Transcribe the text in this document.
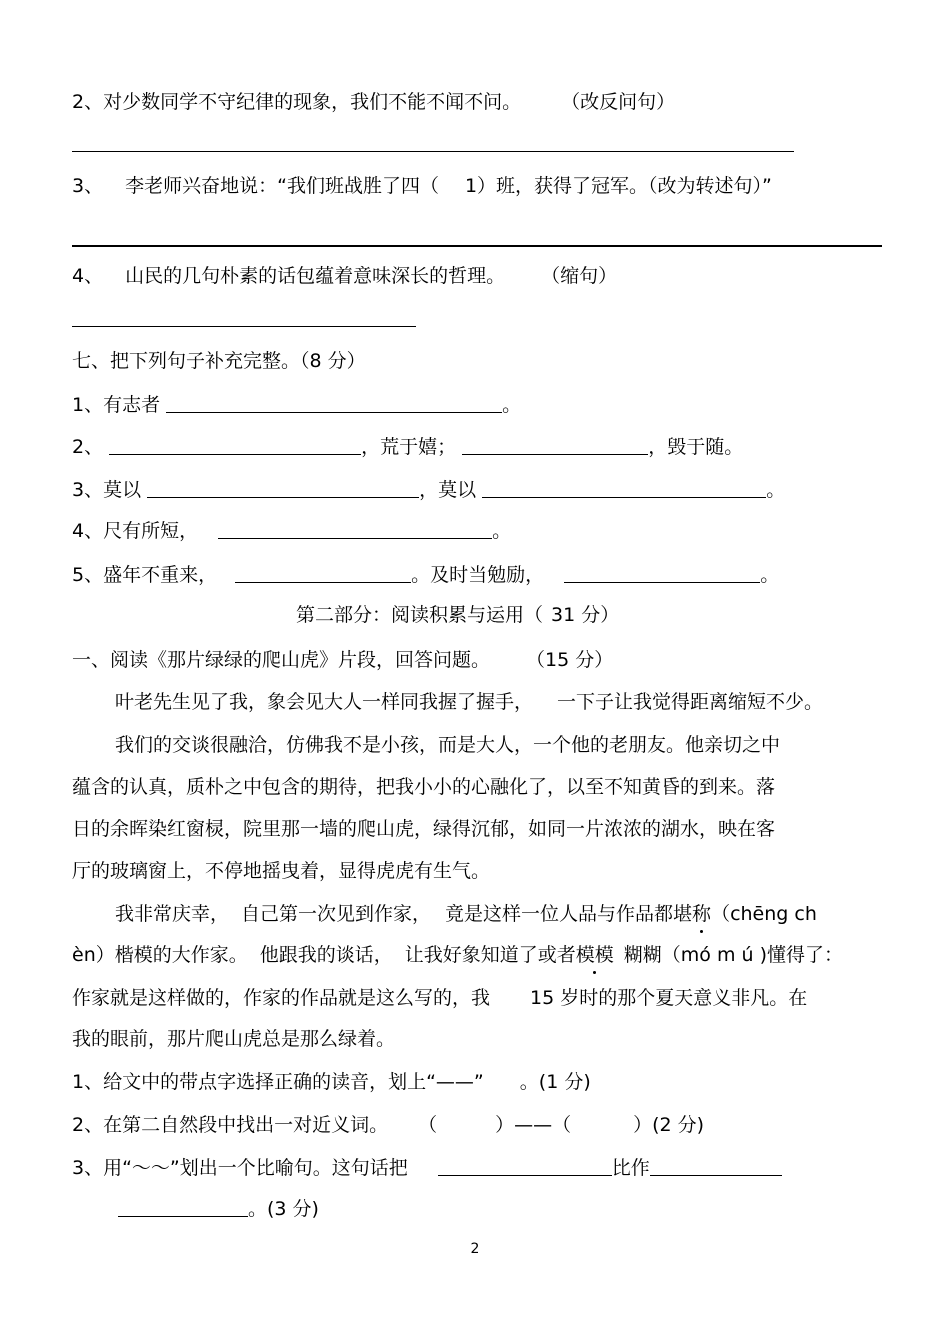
2、对少数同学不守纪律的现象，我们不能不闻不问。 （改反问句）
3、 李老师兴奋地说：“我们班战胜了四（ 1）班，获得了冠军。（改为转述句）”
4、 山民的几句朴素的话包蕴着意味深长的哲理。 （缩句）
七、把下列句子补充完整。（8 分）
1、有志者	。
2、	，荒于嬉；	，毁于随。
3、莫以	，莫以	。
4、尺有所短，	。
5、盛年不重来，	。及时当勉励，	。
第二部分：阅读积累与运用（ 31 分）
一、阅读《那片绿绿的爬山虎》片段，回答问题。 （15 分）
叶老先生见了我，象会见大人一样同我握了握手， 一下子让我觉得距离缩短不少。
我们的交谈很融洽，仿佛我不是小孩，而是大人，一个他的老朋友。他亲切之中
蕴含的认真，质朴之中包含的期待，把我小小的心融化了，以至不知黄昏的到来。落
日的余晖染红窗棂，院里那一墙的爬山虎，绿得沉郁，如同一片浓浓的湖水，映在客
厅的玻璃窗上，不停地摇曳着，显得虎虎有生气。
我非常庆幸， 自己第一次见到作家， 竟是这样一位人品与作品都堪称（chēng ch
èn）楷模的大作家。 他跟我的谈话， 让我好象知道了或者模模 糊糊（mó m ú )懂得了：
作家就是这样做的，作家的作品就是这么写的，我 15 岁时的那个夏天意义非凡。在
我的眼前，那片爬山虎总是那么绿着。
1、给文中的带点字选择正确的读音，划上“——” 。(1 分)
2、在第二自然段中找出一对近义词。 （	）——（	）(2 分)
3、用“～～”划出一个比喻句。这句话把	比作
。(3 分)
2
